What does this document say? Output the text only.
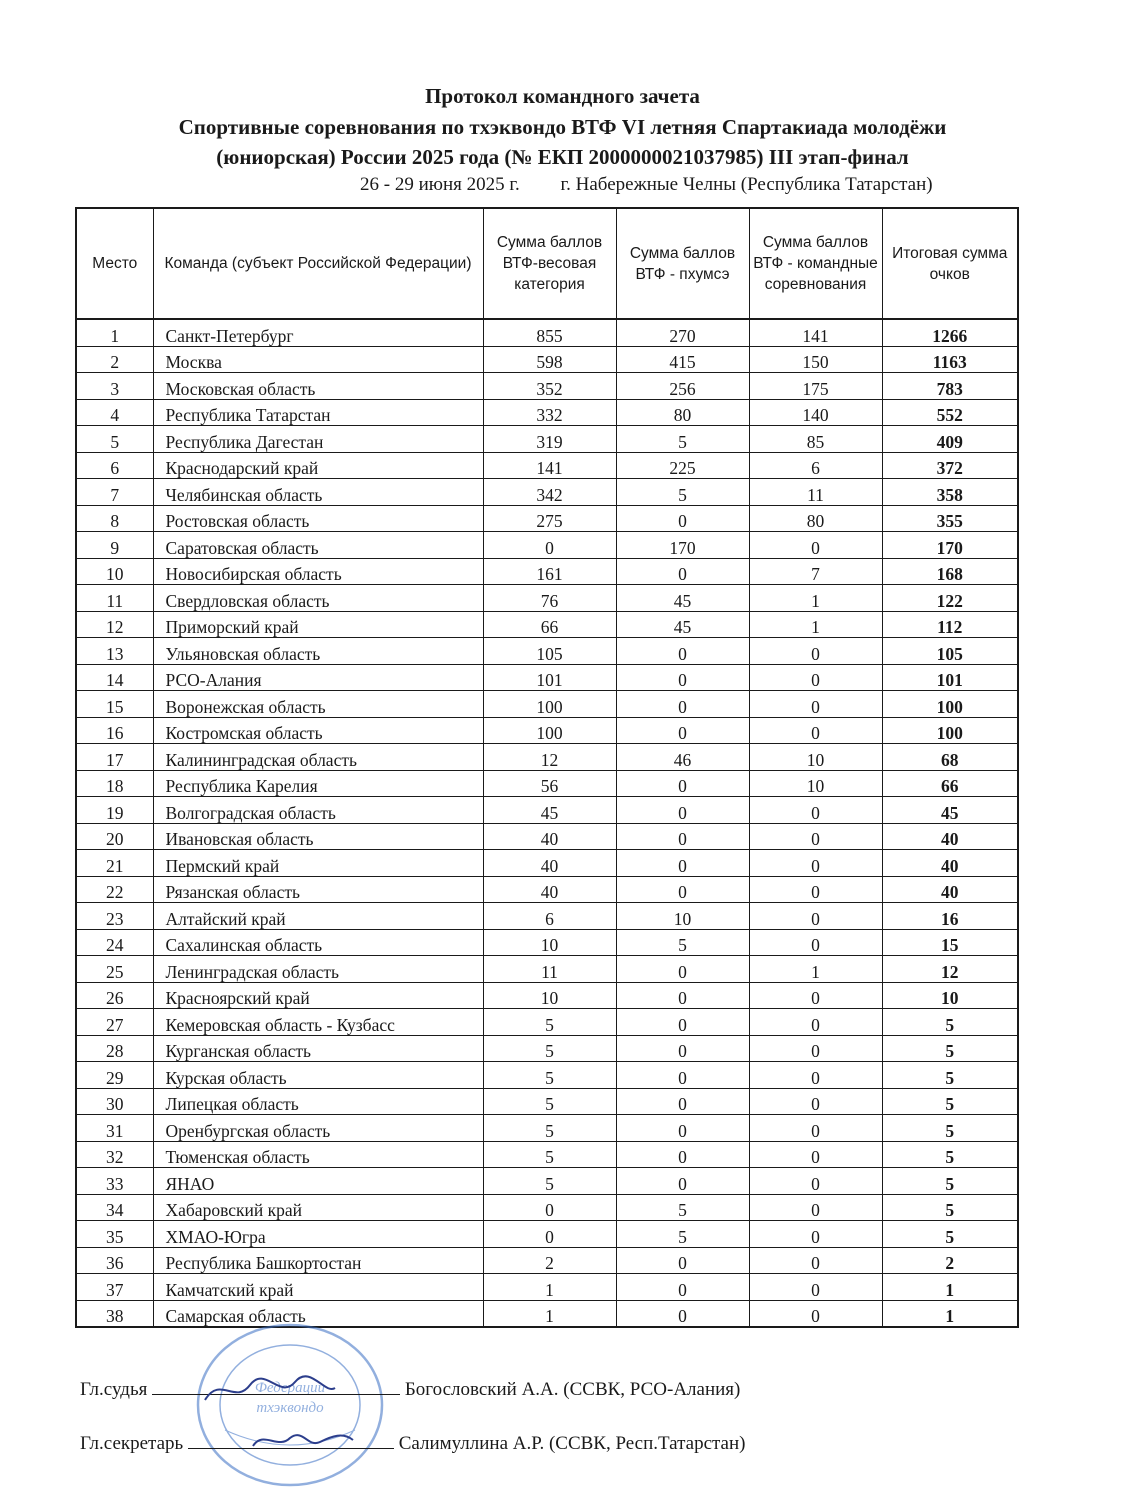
Протокол командного зачета
Спортивные соревнования по тхэквондо ВТФ VI летняя Спартакиада молодёжи
(юниорская) России 2025 года (№ ЕКП 2000000021037985) III этап-финал
26 - 29 июня 2025 г. г. Набережные Челны (Республика Татарстан)
Место	Команда (субъект Российской Федерации)	Сумма баллов ВТФ-весовая категория	Сумма баллов ВТФ - пхумсэ	Сумма баллов ВТФ - командные соревнования	Итоговая сумма очков
1	Санкт-Петербург	855	270	141	1266
2	Москва	598	415	150	1163
3	Московская область	352	256	175	783
4	Республика Татарстан	332	80	140	552
5	Республика Дагестан	319	5	85	409
6	Краснодарский край	141	225	6	372
7	Челябинская область	342	5	11	358
8	Ростовская область	275	0	80	355
9	Саратовская область	0	170	0	170
10	Новосибирская область	161	0	7	168
11	Свердловская область	76	45	1	122
12	Приморский край	66	45	1	112
13	Ульяновская область	105	0	0	105
14	РСО-Алания	101	0	0	101
15	Воронежская область	100	0	0	100
16	Костромская область	100	0	0	100
17	Калининградская область	12	46	10	68
18	Республика Карелия	56	0	10	66
19	Волгоградская область	45	0	0	45
20	Ивановская область	40	0	0	40
21	Пермский край	40	0	0	40
22	Рязанская область	40	0	0	40
23	Алтайский край	6	10	0	16
24	Сахалинская область	10	5	0	15
25	Ленинградская область	11	0	1	12
26	Красноярский край	10	0	0	10
27	Кемеровская область - Кузбасс	5	0	0	5
28	Курганская область	5	0	0	5
29	Курская область	5	0	0	5
30	Липецкая область	5	0	0	5
31	Оренбургская область	5	0	0	5
32	Тюменская область	5	0	0	5
33	ЯНАО	5	0	0	5
34	Хабаровский край	0	5	0	5
35	ХМАО-Югра	0	5	0	5
36	Республика Башкортостан	2	0	0	2
37	Камчатский край	1	0	0	1
38	Самарская область	1	0	0	1
Федерации
тхэквондо
Гл.судья	Богословский А.А. (ССВК, РСО-Алания)
Гл.секретарь	Салимуллина А.Р. (ССВК, Респ.Татарстан)
